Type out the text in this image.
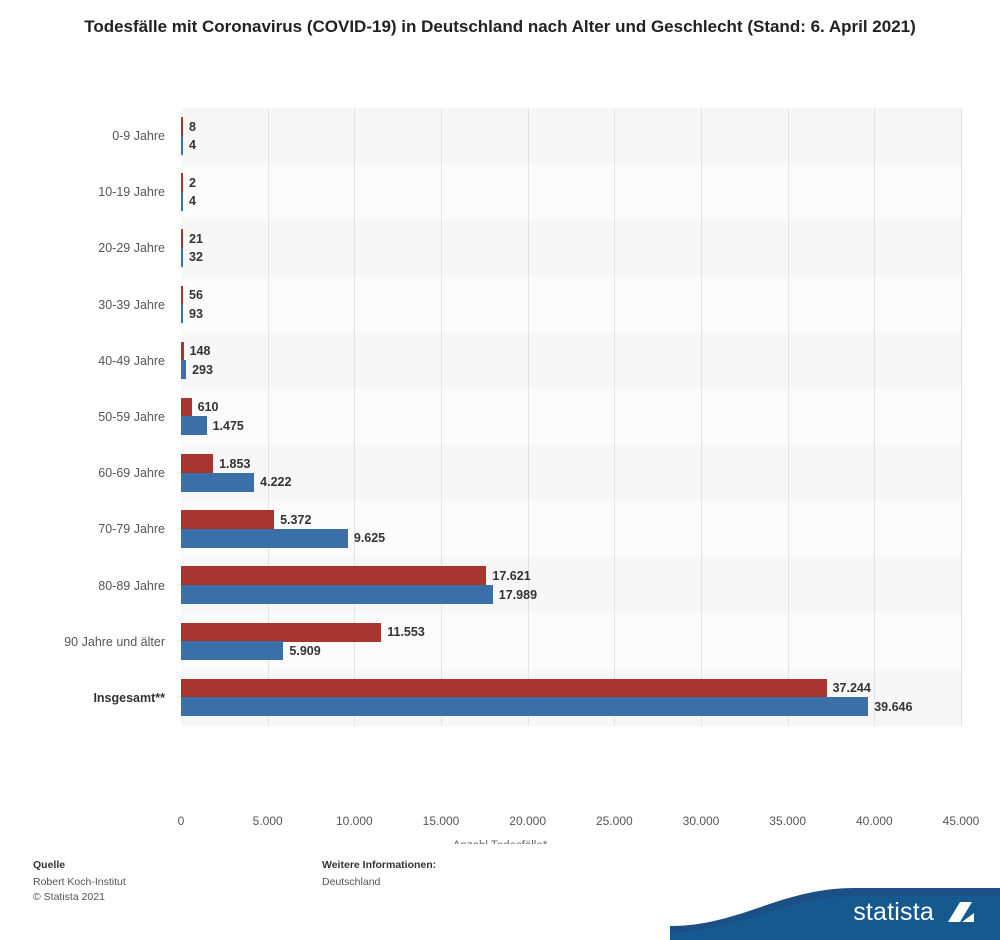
Todesfälle mit Coronavirus (COVID-19) in Deutschland nach Alter und Geschlecht (Stand: 6. April 2021)
0-9 Jahre
10-19 Jahre
20-29 Jahre
30-39 Jahre
40-49 Jahre
50-59 Jahre
60-69 Jahre
70-79 Jahre
80-89 Jahre
90 Jahre und älter
Insgesamt**
8
4
2
4
21
32
56
93
148
293
610
1.475
1.853
4.222
5.372
9.625
17.621
17.989
11.553
5.909
37.244
39.646
0	5.000	10.000	15.000	20.000	25.000	30.000	35.000	40.000	45.000
Quelle
Robert Koch-Institut
© Statista 2021
Weitere Informationen:
Deutschland
statista
